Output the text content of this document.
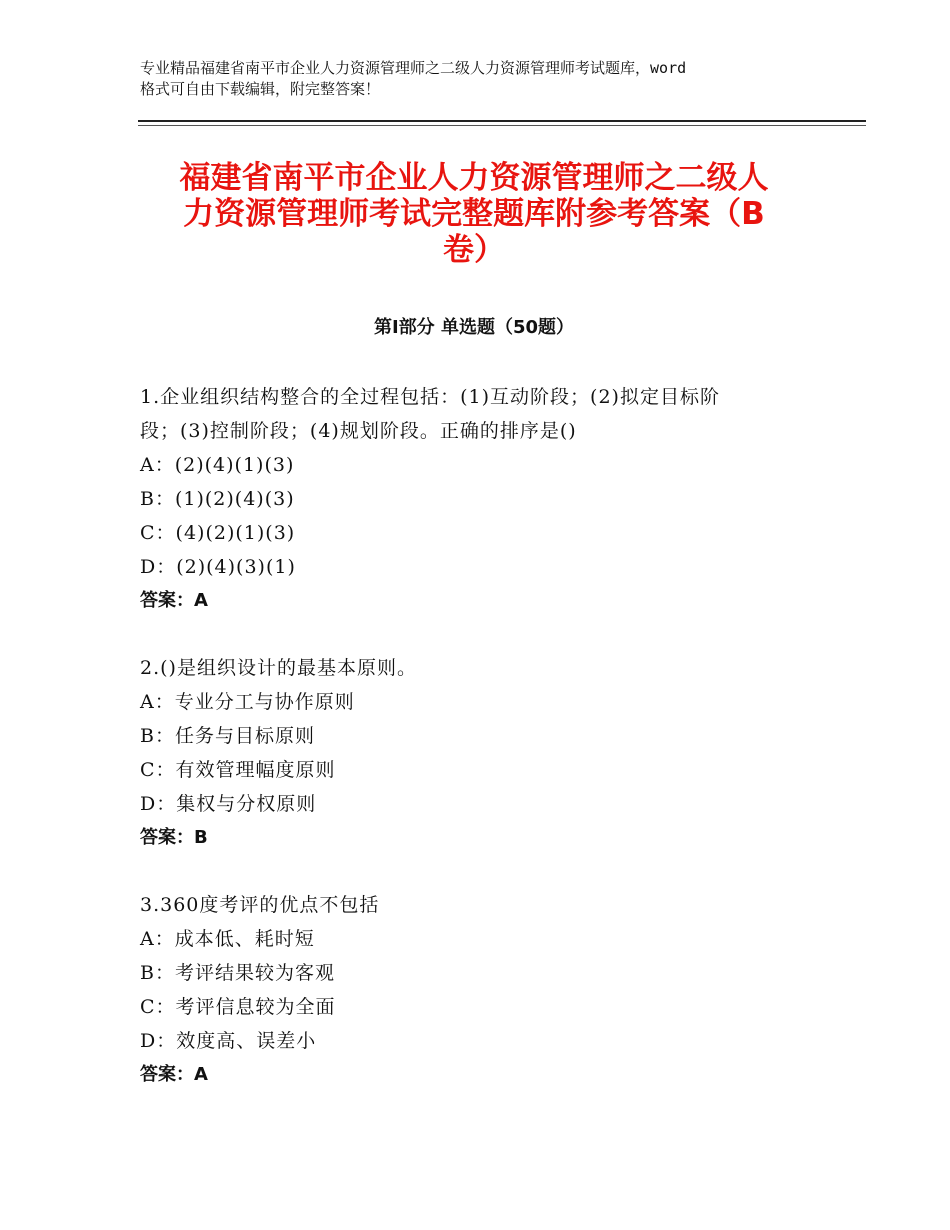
专业精品福建省南平市企业人力资源管理师之二级人力资源管理师考试题库，word
格式可自由下载编辑，附完整答案！
福建省南平市企业人力资源管理师之二级人
力资源管理师考试完整题库附参考答案（B
卷）
第Ⅰ部分 单选题（50题）
1.企业组织结构整合的全过程包括：(1)互动阶段；(2)拟定目标阶
段；(3)控制阶段；(4)规划阶段。正确的排序是()
A：(2)(4)(1)(3)
B：(1)(2)(4)(3)
C：(4)(2)(1)(3)
D：(2)(4)(3)(1)
答案：A
2.()是组织设计的最基本原则。
A：专业分工与协作原则
B：任务与目标原则
C：有效管理幅度原则
D：集权与分权原则
答案：B
3.360度考评的优点不包括
A：成本低、耗时短
B：考评结果较为客观
C：考评信息较为全面
D：效度高、误差小
答案：A
